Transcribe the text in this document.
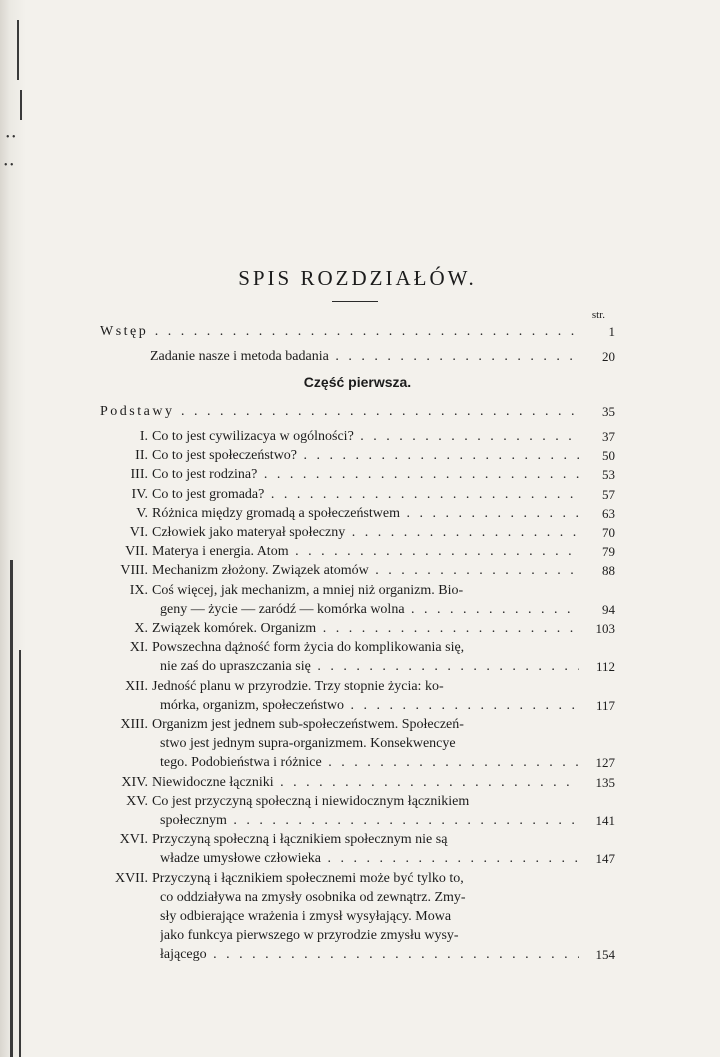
• •
• •
SPIS ROZDZIAŁÓW.
str.
Wstęp . . .	1
Zadanie nasze i metoda badania . . .	20
Część pierwsza.
Podstawy . . .	35
I. Co to jest cywilizacya w ogólności? . . .	37
II. Co to jest społeczeństwo? . . .	50
III. Co to jest rodzina? . . .	53
IV. Co to jest gromada? . . .	57
V. Różnica między gromadą a społeczeństwem . . .	63
VI. Człowiek jako materyał społeczny . . .	70
VII. Materya i energia. Atom . . .	79
VIII. Mechanizm złożony. Związek atomów . . .	88
IX. Coś więcej, jak mechanizm, a mniej niż organizm. Bio-
geny — życie — zaródź — komórka wolna . . .	94
X. Związek komórek. Organizm . . .	103
XI. Powszechna dążność form życia do komplikowania się,
nie zaś do upraszczania się . . .	112
XII. Jedność planu w przyrodzie. Trzy stopnie życia: ko-
mórka, organizm, społeczeństwo . . .	117
XIII. Organizm jest jednem sub-społeczeństwem. Społeczeń-
stwo jest jednym supra-organizmem. Konsekwencye
tego. Podobieństwa i różnice . . .	127
XIV. Niewidoczne łączniki . . .	135
XV. Co jest przyczyną społeczną i niewidocznym łącznikiem
społecznym . . .	141
XVI. Przyczyną społeczną i łącznikiem społecznym nie są
władze umysłowe człowieka . . .	147
XVII. Przyczyną i łącznikiem społecznemi może być tylko to,
co oddziaływa na zmysły osobnika od zewnątrz. Zmy-
sły odbierające wrażenia i zmysł wysyłający. Mowa
jako funkcya pierwszego w przyrodzie zmysłu wysy-
łającego . . .	154
